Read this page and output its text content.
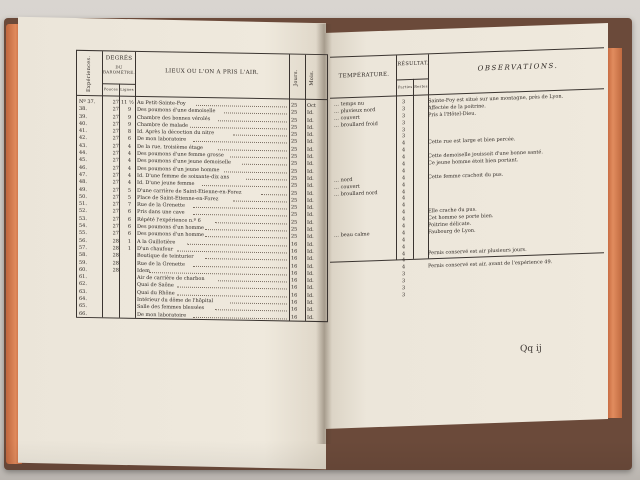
Expériences.	DEGRÉS
DU BAROMÈTRE.
Pouces Lignes
LIEUX OU L'ON A PRIS L'AIR.	Jours. Mois.
Nº 37.	27 11 ½ Au Petit-Sainte-Foy	25	Oct
38.	27	9 Des poumons d'une demoiselle	25	Id.
39.	27	9 Chambre des bonnes vérolés	25	Id.
40.	27	9 Chambre de malade	25	Id.
41.	27	8 Id. Après la décoction du nitre	25	Id.
42.	27	6 De mon laboratoire	25	Id.
43.	27	4 De la rue, troisième étage	25	Id.
44.	27	4 Des poumons d'une femme grosse	25	Id.
45.	27	4 Des poumons d'une jeune demoiselle	25	Id.
46.	27	4 Des poumons d'un jeune homme	25	Id.
47.	27	4 Id. D'une femme de soixante-dix ans	25	Id.
48.	27	4 Id. D'une jeune femme	25	Id.
49.	27	5 D'une carrière de Saint-Etienne-en-Forez	25	Id.
50.	27	5 Place de Saint-Etienne-en-Forez	25	Id.
51.	27	7 Rue de la Grenette	25	Id.
52.	27	6 Pris dans une cave	25	Id.
53.	27	6 Répété l'expérience n.º 6	25	Id.
54.	27	6 Des poumons d'un homme	25	Id.
55.	27	6 Des poumons d'un homme	25	Id.
56.	28	1 A la Guillotière	16	Id.
57.	28	1 D'un chaufour	16	Id.
58.	28	Boutique de teinturier	16	Id.
59.	28	Rue de la Grenette	16	Id.
60.	28	Idem	16	Id.
61.	Air de carrière de charbon	16	Id.
62.	Quai de Saône	16	Id.
63.	Quai du Rhône	16	Id.
64.	Intérieur du dôme de l'hôpital	16	Id.
65.	Salle des femmes blessées	16	Id.
66.	De mon laboratoire	16	Id.
TEMPÉRATURE.
RÉSULTAT.
Parties Restes
OBSERVATIONS.
… temps nu	3	Sainte-Foy est situé sur une montagne, près de Lyon.
… pluvieux nord	3	Affectée de la poitrine.
… couvert	3	Pris à l'Hôtel-Dieu.
… broullard froid	3
3
3
4	Cette rue est large et bien percée.
4
4	Cette demoiselle jouissoit d'une bonne santé.
4	Ce jeune homme étoit bien portant.
4
… nord	4	Cette femme crachoit du pus.
… couvert	4
… broullard nord	4
4
4
4	Elle crache du pus.
4	Cet homme se porte bien.
4	Poitrine délicate.
… beau calme	4	Faubourg de Lyon.
4
4
4	Pernis conservé est air plusieurs jours.
4
4	Pernis conservé est air, avant de l'expérience 49.
3
3
3
3
Qq ij
